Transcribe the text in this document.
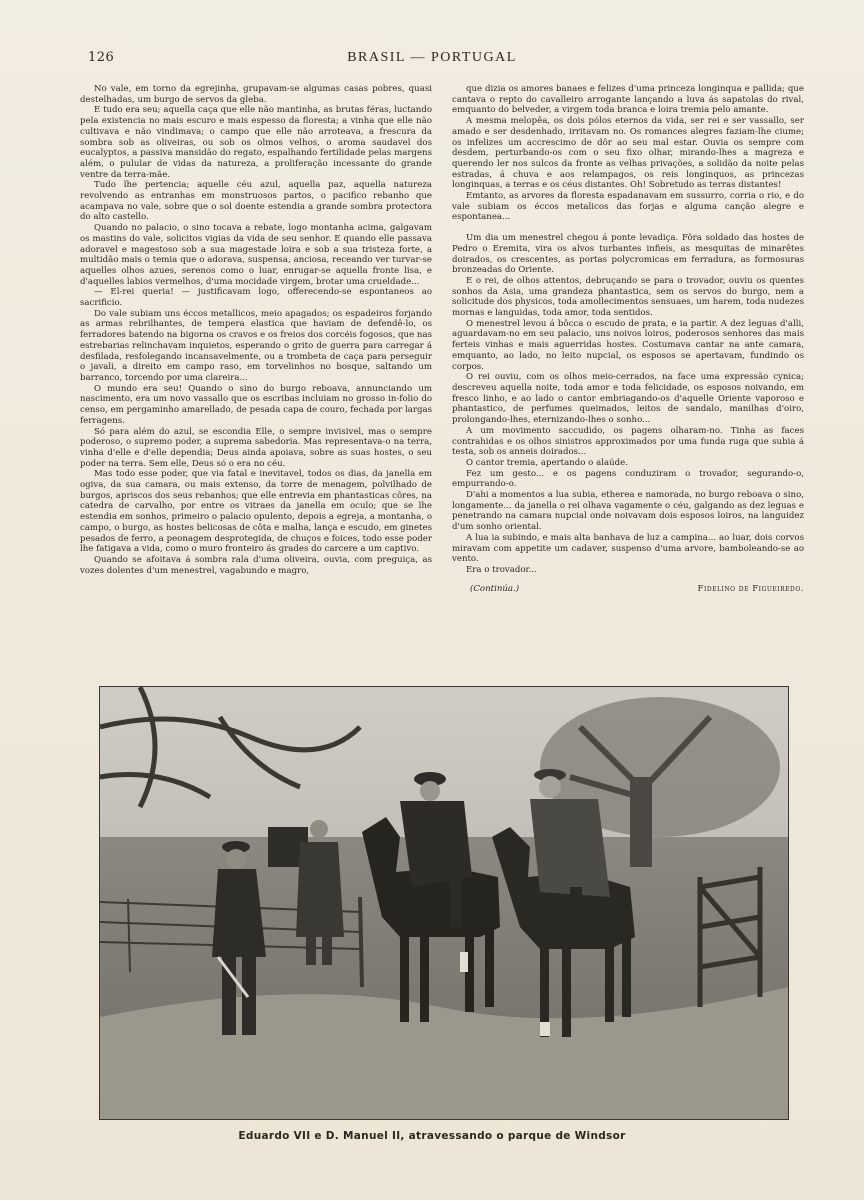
126	BRASIL — PORTUGAL

No vale, em torno da egrejinha, grupavam-se algumas casas pobres, quasi destelhadas, um burgo de servos da gleba.

E tudo era seu; aquella caça que elle não mantinha, as brutas féras, luctando pela existencia no mais escuro e mais espesso da floresta; a vinha que elle não cultivava e não vindimava; o campo que elle não arroteava, a frescura da sombra sob as oliveiras, ou sob os olmos velhos, o aroma saudavel dos eucalyptos, a passiva mansidão do regato, espalhando fertilidade pelas margens além, o pulular de vidas da natureza, a proliferação incessante do grande ventre da terra-mãe.

Tudo lhe pertencia; aquelle céu azul, aquella paz, aquella natureza revolvendo as entranhas em monstruosos partos, o pacifico rebanho que acampava no vale, sobre que o sol doente estendia a grande sombra protectora do alto castello.

Quando no palacio, o sino tocava a rebate, logo montanha acima, galgavam os mastins do vale, solicitos vigias da vida de seu senhor. E quando elle passava adoravel e magestoso sob a sua magestade loira e sob a sua tristeza forte, a multidão mais o temia que o adorava, suspensa, anciosa, receando ver turvar-se aquelles olhos azues, serenos como o luar, enrugar-se aquella fronte lisa, e d'aquelles labios vermelhos, d'uma mocidade virgem, brotar uma crueldade...

— El-rei queria! — justificavam logo, offerecendo-se espontaneos ao sacrificio.

Do vale subiam uns éccos metallicos, meio apagados; os espadeiros forjando as armas rebrilhantes, de tempera elastica que haviam de defendê-lo, os ferradores batendo na bigorna os cravos e os freios dos corcéis fogosos, que nas estrebarias relinchavam inquietos, esperando o grito de guerra para carregar á desfilada, resfolegando incansavelmente, ou a trombeta de caça para perseguir o javali, a direito em campo raso, em torvelinhos no bosque, saltando um barranco, torcendo por uma clareira...

O mundo era seu! Quando o sino do burgo reboava, annunciando um nascimento, era um novo vassallo que os escribas incluiam no grosso in-folio do censo, em pergaminho amarellado, de pesada capa de couro, fechada por largas ferragens.

Só para além do azul, se escondia Elle, o sempre invisivel, mas o sempre poderoso, o supremo poder, a suprema sabedoria. Mas representava-o na terra, vinha d'elle e d'elle dependia; Deus ainda apoiava, sobre as suas hostes, o seu poder na terra. Sem elle, Deus só o era no céu.

Mas todo esse poder, que via fatal e inevitavel, todos os dias, da janella em ogiva, da sua camara, ou mais extenso, da torre de menagem, polvilhado de burgos, apriscos dos seus rebanhos; que elle entrevia em phantasticas côres, na catedra de carvalho, por entre os vitraes da janella em oculo; que se lhe estendia em sonhos, primeiro o palacio opulento, depois a egreja, a montanha, o campo, o burgo, as hostes belicosas de côta e malha, lança e escudo, em ginetes pesados de ferro, a peonagem desprotegida, de chuços e foices, todo esse poder lhe fatigava a vida, como o muro fronteiro ás grades do carcere a um captivo.

Quando se afoitava á sombra rala d'uma oliveira, ouvia, com preguiça, as vozes dolentes d'um menestrel, vagabundo e magro,

que dizia os amores banaes e felizes d'uma princeza longinqua e pallida; que cantava o repto do cavalleiro arrogante lançando a luva ás sapatolas do rival, emquanto do belveder, a virgem toda branca e loira tremia pelo amante.

A mesma melopêa, os dois pólos eternos da vida, ser rei e ser vassallo, ser amado e ser desdenhado, irritavam no. Os romances alegres faziam-lhe ciume; os infelizes um accrescimo de dôr ao seu mal estar. Ouvia os sempre com desdem, perturbando-os com o seu fixo olhar, mirando-lhes a magreza e querendo ler nos sulcos da fronte as velhas privações, a solidão da noite pelas estradas, á chuva e aos relampagos, os reis longinquos, as princezas longinquas, a terras e os céus distantes. Oh! Sobretudo as terras distantes!

Emtanto, as arvores da floresta espadanavam em sussurro, corria o rio, e do vale subiam os éccos metalicos das forjas e alguma canção alegre e espontanea...

Um dia um menestrel chegou á ponte levadiça. Fôra soldado das hostes de Pedro o Eremita, vira os alvos turbantes infieis, as mesquitas de minarêtes doirados, os crescentes, as portas polycromicas em ferradura, as formosuras bronzeadas do Oriente.

E o rei, de olhos attentos, debruçando se para o trovador, ouviu os quentes sonhos da Asia, uma grandeza phantastica, sem os servos do burgo, nem a solicitude dos physicos, toda amollecimentos sensuaes, um harem, toda nudezes mornas e languidas, toda amor, toda sentidos.

O menestrel levou á bôcca o escudo de prata, e ia partir. A dez leguas d'alli, aguardavam-no em seu palacio, uns noivos loiros, poderosos senhores das mais ferteis vinhas e mais aguerridas hostes. Costumava cantar na ante camara, emquanto, ao lado, no leito nupcial, os esposos se apertavam, fundindo os corpos.

O rei ouviu, com os olhos meio-cerrados, na face uma expressão cynica; descreveu aquella noite, toda amor e toda felicidade, os esposos noivando, em fresco linho, e ao lado o cantor embriagando-os d'aquelle Oriente vaporoso e phantastico, de perfumes queimados, leitos de sandalo, manilhas d'oiro, prolongando-lhes, eternizando-lhes o sonho...

A um movimento saccudido, os pagens olharam-no. Tinha as faces contrahidas e os olhos sinistros approximados por uma funda ruga que subia á testa, sob os anneis doirados...

O cantor tremia, apertando o alaúde.

Fez um gesto... e os pagens conduziram o trovador, segurando-o, empurrando-o.

D'ahi a momentos a lua subia, etherea e namorada, no burgo reboava o sino, longamente... da janella o rei olhava vagamente o céu, galgando as dez leguas e penetrando na camara nupcial onde noivavam dois esposos loiros, na languidez d'um sonho oriental.

A lua ia subindo, e mais alta banhava de luz a campina... ao luar, dois corvos miravam com appetite um cadaver, suspenso d'uma arvore, bamboleando-se ao vento.

Era o trovador...

(Continúa.)	Fidelino de Figueiredo.
Eduardo VII e D. Manuel II, atravessando o parque de Windsor
